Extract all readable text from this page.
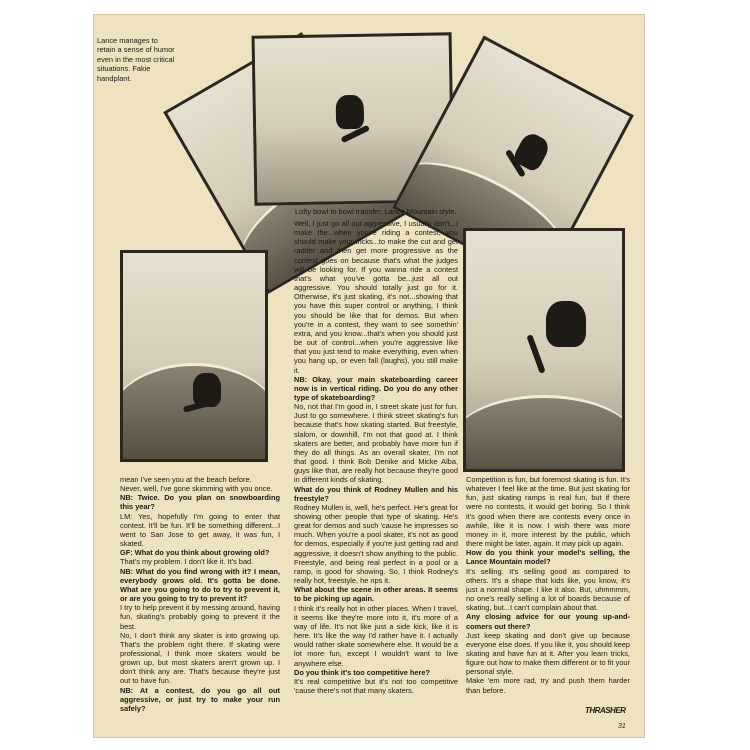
Lance manages to retain a sense of humor even in the most critical situations. Fakie handplant.
Lofty bowl to bowl transfer, Lance Mountain style.

mean I've seen you at the beach before.

Never, well, I've gone skimming with you once.

NB: Twice. Do you plan on snowboarding this year?

LM: Yes, hopefully I'm going to enter that contest. It'll be fun. It'll be something different...I went to San Jose to get away, it was fun, I skated.

GF: What do you think about growing old?

That's my problem. I don't like it. It's bad.

NB: What do you find wrong with it? I mean, everybody grows old. It's gotta be done. What are you going to do to try to prevent it, or are you going to try to prevent it?

I try to help prevent it by messing around, having fun, skating's probably going to prevent it the best.

No, I don't think any skater is into growing up. That's the problem right there. If skating were professional, I think more skaters would be grown up, but most skaters aren't grown up. I don't think any are. That's because they're just out to have fun.

NB: At a contest, do you go all out aggressive, or just try to make your run safely?

Well, I just go all out aggressive, I usually don't...I make the...when you're riding a contest, you should make your tricks...to make the cut and get radder and then get more progressive as the contest goes on because that's what the judges will be looking for. If you wanna ride a contest that's what you've gotta be...just all out aggressive. You should totally just go for it. Otherwise, it's just skating, it's not...showing that you have this super control or anything, I think you should be like that for demos. But when you're in a contest, they want to see somethin' extra, and you know...that's when you should just be out of control...when you're aggressive like that you just tend to make everything, even when you hang up, or even fall (laughs), you still make it.

NB: Okay, your main skateboarding career now is in vertical riding. Do you do any other type of skateboarding?

No, not that I'm good in, I street skate just for fun. Just to go somewhere. I think street skating's fun because that's how skating started. But freestyle, slalom, or downhill, I'm not that good at. I think skaters are better, and probably have more fun if they do all things. As an overall skater, I'm not that good. I think Bob Denike and Micke Alba, guys like that, are really hot because they're good in different kinds of skating.

What do you think of Rodney Mullen and his freestyle?

Rodney Mullen is, well, he's perfect. He's great for showing other people that type of skating. He's great for demos and such 'cause he impresses so much. When you're a pool skater, it's not as good for demos, especially if you're just getting rad and aggressive, it doesn't show anything to the public. Freestyle, and being real perfect in a pool or a ramp, is good for showing. So, I think Rodney's really hot, freestyle, he rips it.

What about the scene in other areas. It seems to be picking up again.

I think it's really hot in other places. When I travel, it seems like they're more into it, it's more of a way of life. It's not like just a side kick, like it is here. It's like the way I'd rather have it. I actually would rather skate somewhere else. It would be a lot more fun, except I wouldn't want to live anywhere else.

Do you think it's too competitive here?

It's real competitive but it's not too competitive 'cause there's not that many skaters.

Competition is fun, but foremost skating is fun. It's whatever I feel like at the time. But just skating for fun, just skating ramps is real fun, but if there were no contests, it would get boring. So I think it's good when there are contests every once in awhile, like it is now. I wish there was more money in it, more interest by the public, which there might be later, again. It may pick up again.

How do you think your model's selling, the Lance Mountain model?

It's selling. It's selling good as compared to others. It's a shape that kids like, you know, it's just a normal shape. I like it also. But, uhmmmm, no one's really selling a lot of boards because of skating, but...I can't complain about that.

Any closing advice for our young up-and-comers out there?

Just keep skating and don't give up because everyone else does. If you like it, you should keep skating and have fun at it. After you learn tricks, figure out how to make them different or to fit your personal style.

Make 'em more rad, try and push them harder than before.

THRASHER
31
